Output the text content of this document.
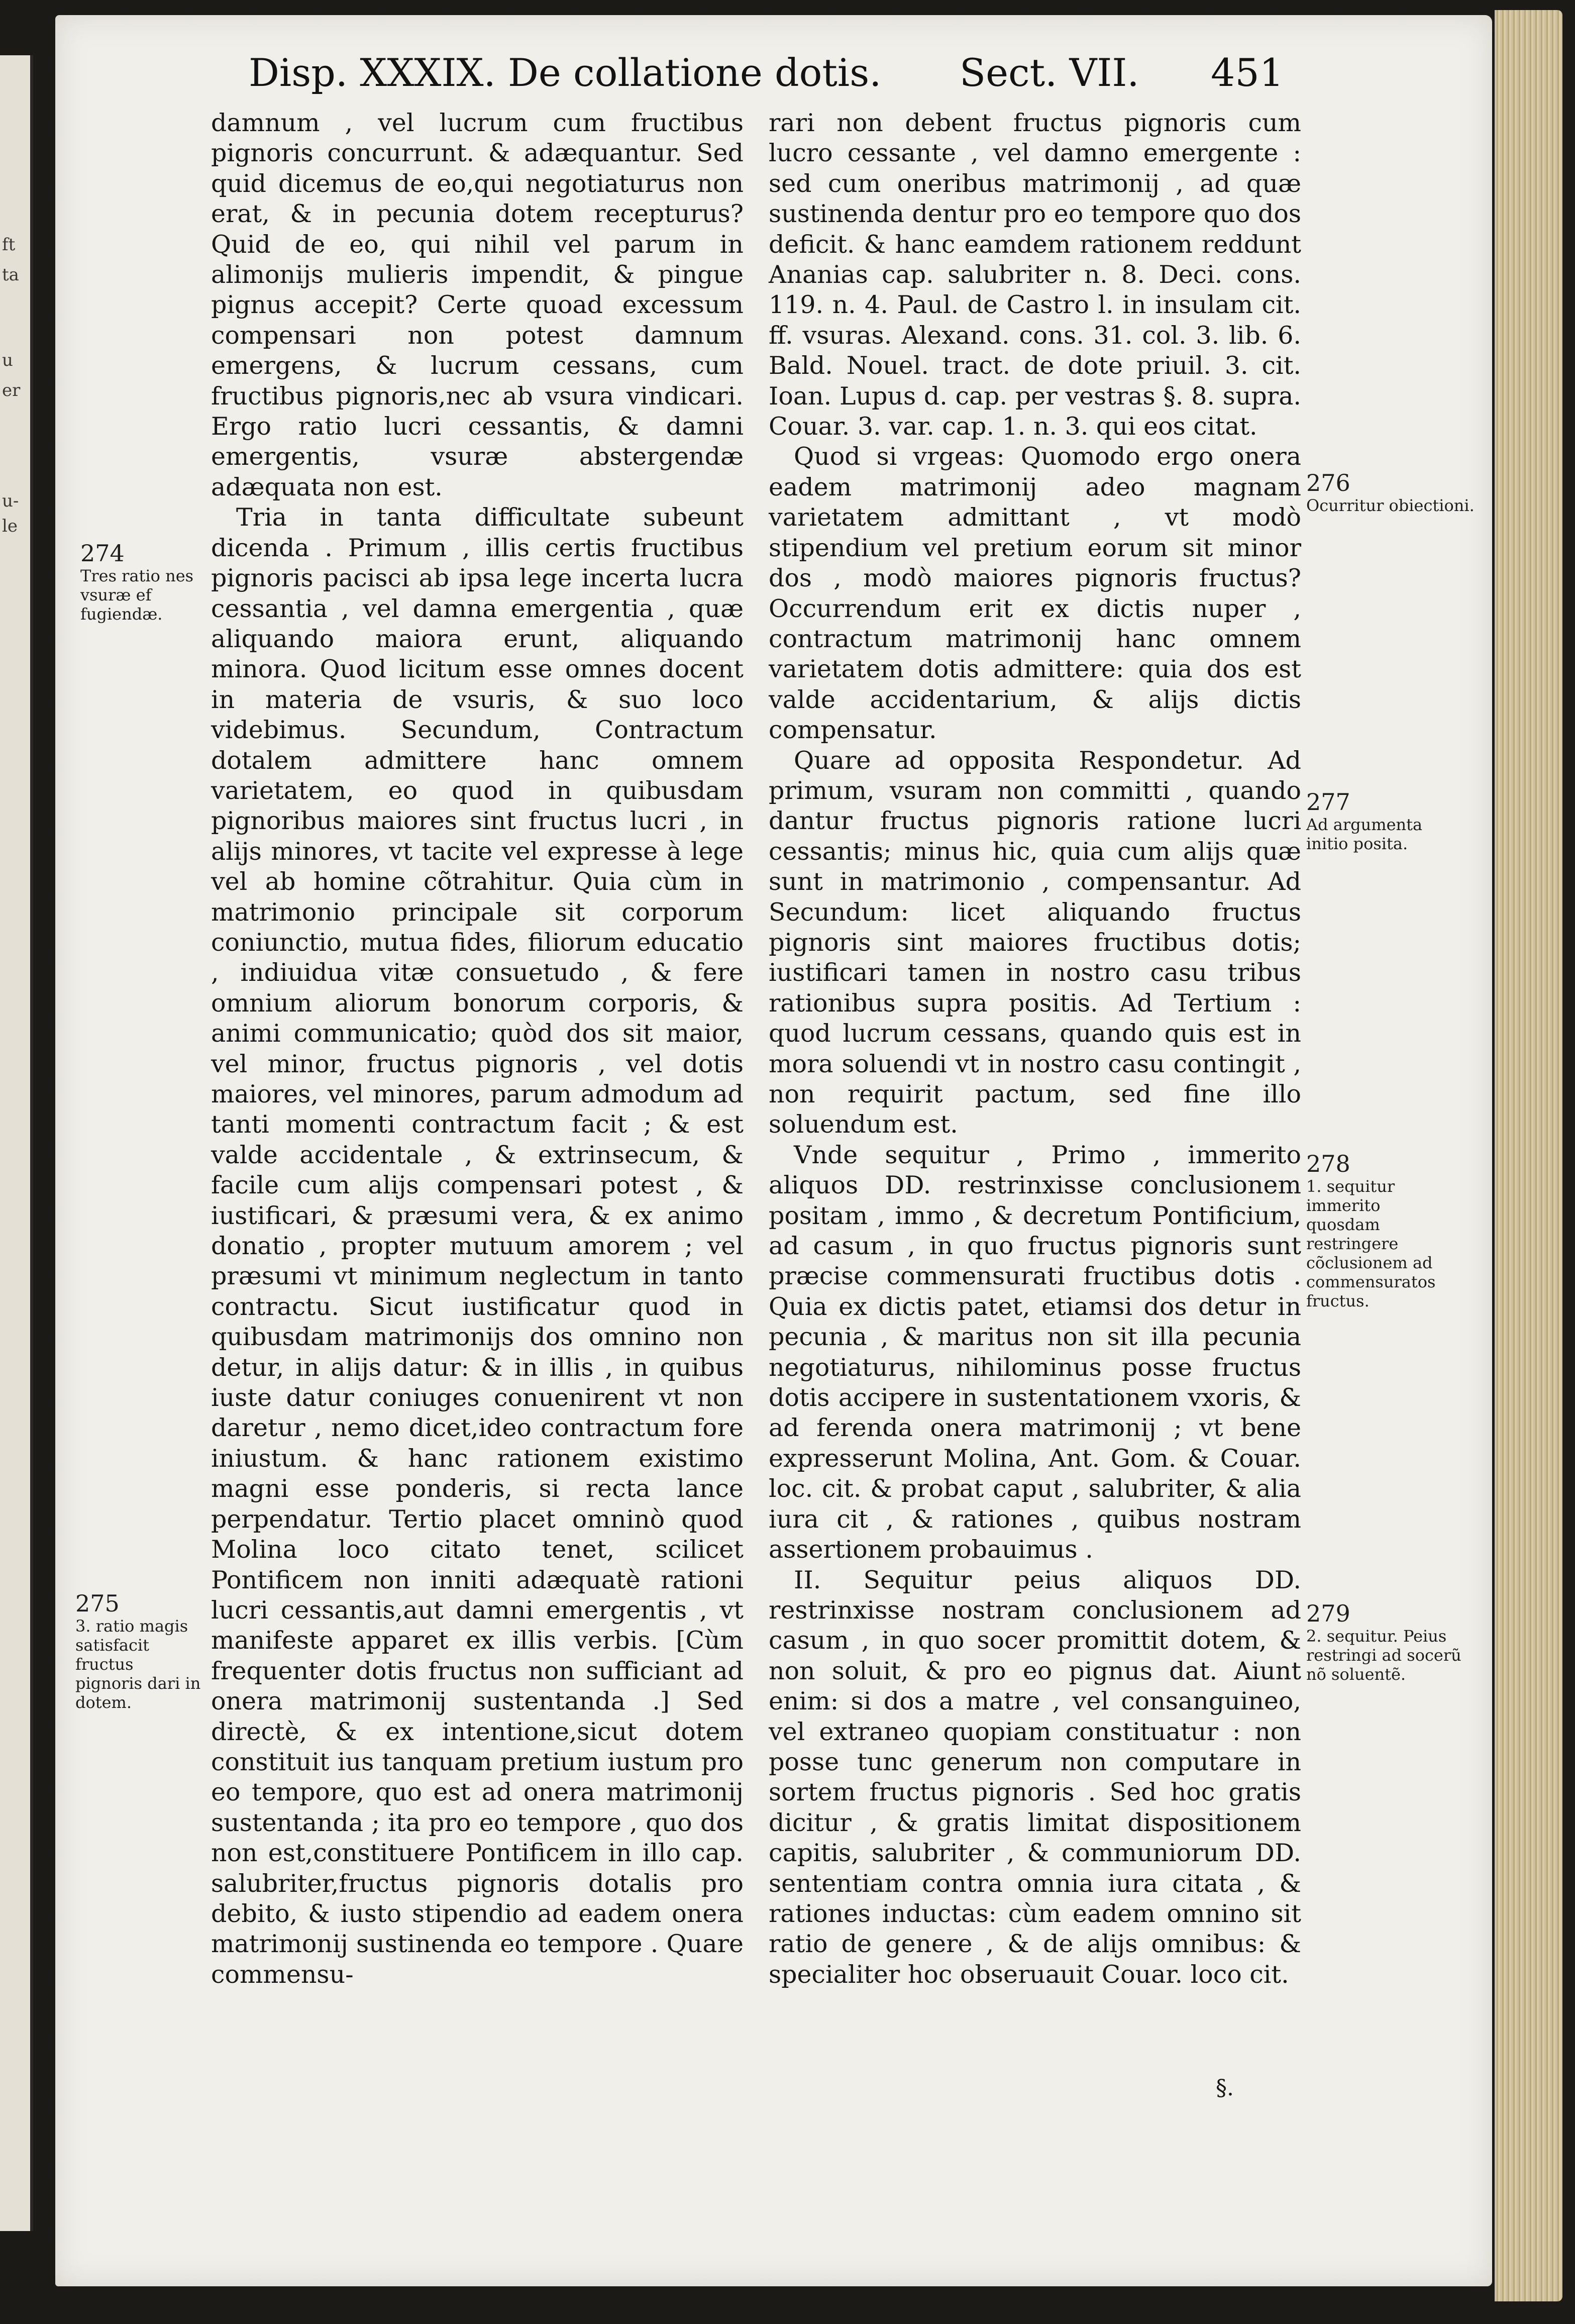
ft
ta
u
er
u-
le
Disp. XXXIX. De collatione dotis. Sect. VII. 451

damnum , vel lucrum cum fructibus pignoris concurrunt. & adæquantur. Sed quid dicemus de eo,qui negotiaturus non erat, & in pecunia dotem recepturus? Quid de eo, qui nihil vel parum in alimonijs mulieris impendit, & pingue pignus accepit? Certe quoad excessum compensari non potest damnum emergens, & lucrum cessans, cum fructibus pignoris,nec ab vsura vindicari. Ergo ratio lucri cessantis, & damni emergentis, vsuræ abstergendæ adæquata non est.

Tria in tanta difficultate subeunt dicenda . Primum , illis certis fructibus pignoris pacisci ab ipsa lege incerta lucra cessantia , vel damna emergentia , quæ aliquando maiora erunt, aliquando minora. Quod licitum esse omnes docent in materia de vsuris, & suo loco videbimus. Secundum, Contractum dotalem admittere hanc omnem varietatem, eo quod in quibusdam pignoribus maiores sint fructus lucri , in alijs minores, vt tacite vel expresse à lege vel ab homine cõtrahitur. Quia cùm in matrimonio principale sit corporum coniunctio, mutua fides, filiorum educatio , indiuidua vitæ consuetudo , & fere omnium aliorum bonorum corporis, & animi communicatio; quòd dos sit maior, vel minor, fructus pignoris , vel dotis maiores, vel minores, parum admodum ad tanti momenti contractum facit ; & est valde accidentale , & extrinsecum, & facile cum alijs compensari potest , & iustificari, & præsumi vera, & ex animo donatio , propter mutuum amorem ; vel præsumi vt minimum neglectum in tanto contractu. Sicut iustificatur quod in quibusdam matrimonijs dos omnino non detur, in alijs datur: & in illis , in quibus iuste datur coniuges conuenirent vt non daretur , nemo dicet,ideo contractum fore iniustum. & hanc rationem existimo magni esse ponderis, si recta lance perpendatur. Tertio placet omninò quod Molina loco citato tenet, scilicet Pontificem non inniti adæquatè rationi lucri cessantis,aut damni emergentis , vt manifeste apparet ex illis verbis. [Cùm frequenter dotis fructus non sufficiant ad onera matrimonij sustentanda .] Sed directè, & ex intentione,sicut dotem constituit ius tanquam pretium iustum pro eo tempore, quo est ad onera matrimonij sustentanda ; ita pro eo tempore , quo dos non est,constituere Pontificem in illo cap. salubriter,fructus pignoris dotalis pro debito, & iusto stipendio ad eadem onera matrimonij sustinenda eo tempore . Quare commensu-

rari non debent fructus pignoris cum lucro cessante , vel damno emergente : sed cum oneribus matrimonij , ad quæ sustinenda dentur pro eo tempore quo dos deficit. & hanc eamdem rationem reddunt Ananias cap. salubriter n. 8. Deci. cons. 119. n. 4. Paul. de Castro l. in insulam cit. ff. vsuras. Alexand. cons. 31. col. 3. lib. 6. Bald. Nouel. tract. de dote priuil. 3. cit. Ioan. Lupus d. cap. per vestras §. 8. supra. Couar. 3. var. cap. 1. n. 3. qui eos citat.

Quod si vrgeas: Quomodo ergo onera eadem matrimonij adeo magnam varietatem admittant , vt modò stipendium vel pretium eorum sit minor dos , modò maiores pignoris fructus? Occurrendum erit ex dictis nuper , contractum matrimonij hanc omnem varietatem dotis admittere: quia dos est valde accidentarium, & alijs dictis compensatur.

Quare ad opposita Respondetur. Ad primum, vsuram non committi , quando dantur fructus pignoris ratione lucri cessantis; minus hic, quia cum alijs quæ sunt in matrimonio , compensantur. Ad Secundum: licet aliquando fructus pignoris sint maiores fructibus dotis; iustificari tamen in nostro casu tribus rationibus supra positis. Ad Tertium : quod lucrum cessans, quando quis est in mora soluendi vt in nostro casu contingit , non requirit pactum, sed fine illo soluendum est.

Vnde sequitur , Primo , immerito aliquos DD. restrinxisse conclusionem positam , immo , & decretum Pontificium, ad casum , in quo fructus pignoris sunt præcise commensurati fructibus dotis . Quia ex dictis patet, etiamsi dos detur in pecunia , & maritus non sit illa pecunia negotiaturus, nihilominus posse fructus dotis accipere in sustentationem vxoris, & ad ferenda onera matrimonij ; vt bene expresserunt Molina, Ant. Gom. & Couar. loc. cit. & probat caput , salubriter, & alia iura cit , & rationes , quibus nostram assertionem probauimus .

II. Sequitur peius aliquos DD. restrinxisse nostram conclusionem ad casum , in quo socer promittit dotem, & non soluit, & pro eo pignus dat. Aiunt enim: si dos a matre , vel consanguineo, vel extraneo quopiam constituatur : non posse tunc generum non computare in sortem fructus pignoris . Sed hoc gratis dicitur , & gratis limitat dispositionem capitis, salubriter , & communiorum DD. sententiam contra omnia iura citata , & rationes inductas: cùm eadem omnino sit ratio de genere , & de alijs omnibus: & specialiter hoc obseruauit Couar. loco cit.

274
Tres ratio nes vsuræ ef fugiendæ.
275
3. ratio magis satisfacit fructus pignoris dari in dotem.
276
Ocurritur obiectioni.
277
Ad argumenta initio posita.
278
1. sequitur immerito quosdam restringere cõclusionem ad commensuratos fructus.
279
2. sequitur. Peius restringi ad socerũ nõ soluentẽ.
§.
